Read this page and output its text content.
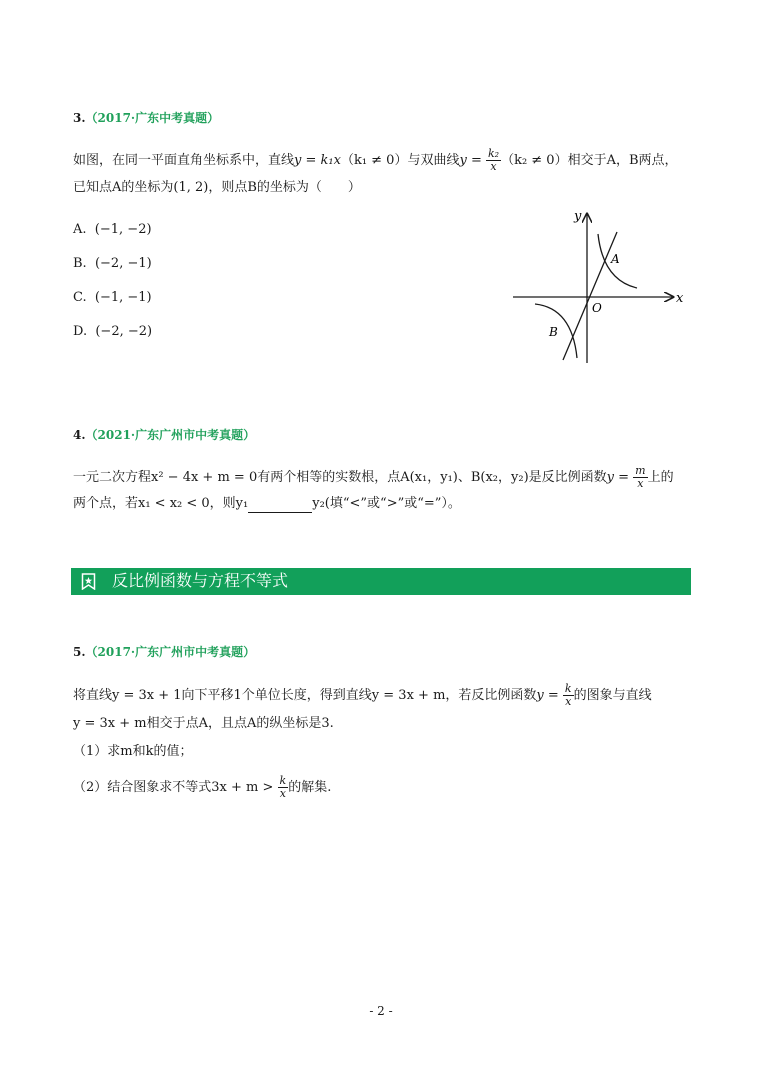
3.（2017·广东中考真题）
如图，在同一平面直角坐标系中，直线y = k₁x（k₁ ≠ 0）与双曲线$y = \frac{\text{k₂}}{x} (k_2 \ne 0)$相交于A，B两点，
已知点A的坐标为(1, 2)，则点B的坐标为（　　）
A. (−1, −2)
B. (−2, −1)
C. (−1, −1)
D. (−2, −2)
y
x
O
A
B
4.（2021·广东广州市中考真题）
一元二次方程x² − 4x + m = 0有两个相等的实数根，点A(x₁，y₁)、B(x₂，y₂)是反比例函数$y = \frac{m}{x}$ 上的
两个点，若x₁ < x₂ < 0，则y₁	y₂(填“<”或“>”或“=”）。
反比例函数与方程不等式
5.（2017·广东广州市中考真题）
将直线y = 3x + 1向下平移1个单位长度，得到直线y = 3x + m，若反比例函数$y = \frac{k}{x}$ 的图象与直线
y = 3x + m相交于点A，且点A的纵坐标是3.
（1）求m和k的值；
（2）结合图象求不等式$3x + m > \frac{k}{x}$ 的解集.
- 2 -
